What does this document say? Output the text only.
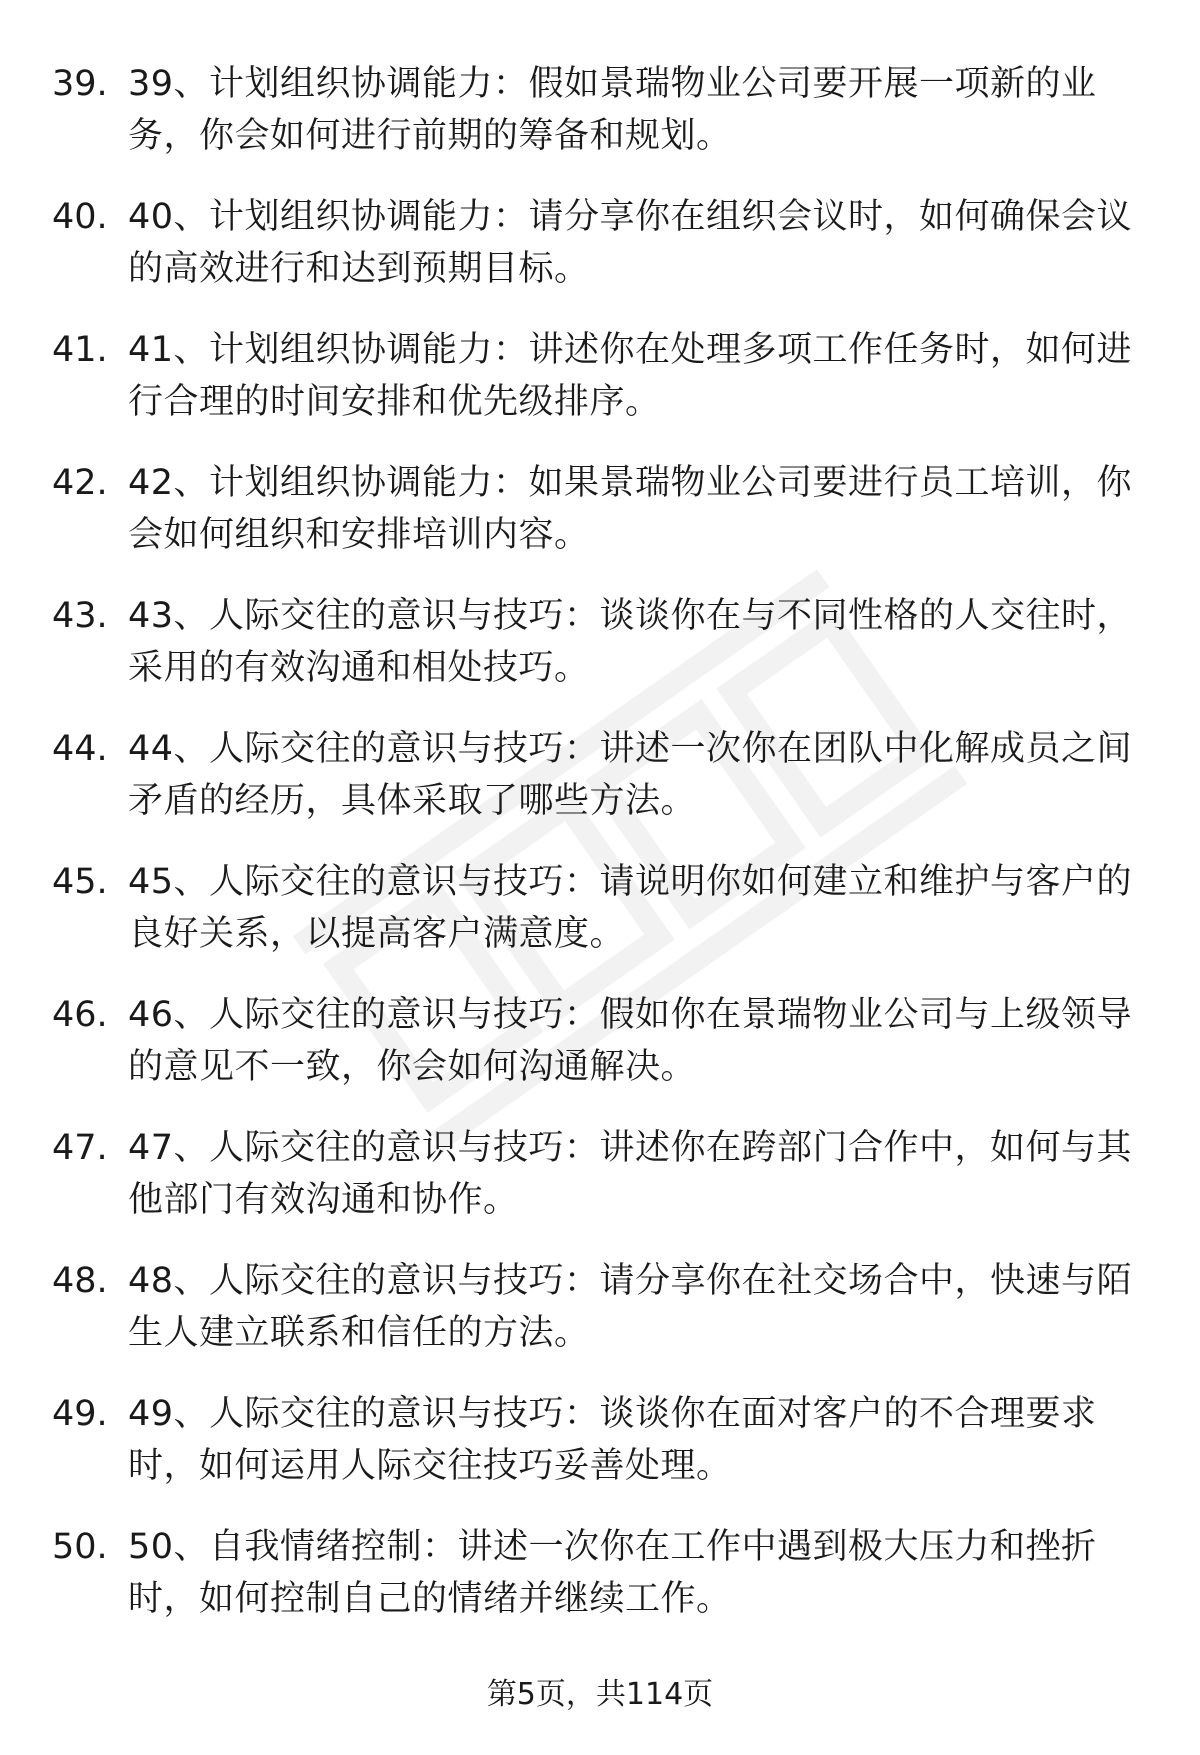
39. 39、计划组织协调能力：假如景瑞物业公司要开展一项新的业务，你会如何进行前期的筹备和规划。
40. 40、计划组织协调能力：请分享你在组织会议时，如何确保会议的高效进行和达到预期目标。
41. 41、计划组织协调能力：讲述你在处理多项工作任务时，如何进行合理的时间安排和优先级排序。
42. 42、计划组织协调能力：如果景瑞物业公司要进行员工培训，你会如何组织和安排培训内容。
43. 43、人际交往的意识与技巧：谈谈你在与不同性格的人交往时，采用的有效沟通和相处技巧。
44. 44、人际交往的意识与技巧：讲述一次你在团队中化解成员之间矛盾的经历，具体采取了哪些方法。
45. 45、人际交往的意识与技巧：请说明你如何建立和维护与客户的良好关系，以提高客户满意度。
46. 46、人际交往的意识与技巧：假如你在景瑞物业公司与上级领导的意见不一致，你会如何沟通解决。
47. 47、人际交往的意识与技巧：讲述你在跨部门合作中，如何与其他部门有效沟通和协作。
48. 48、人际交往的意识与技巧：请分享你在社交场合中，快速与陌生人建立联系和信任的方法。
49. 49、人际交往的意识与技巧：谈谈你在面对客户的不合理要求时，如何运用人际交往技巧妥善处理。
50. 50、自我情绪控制：讲述一次你在工作中遇到极大压力和挫折时，如何控制自己的情绪并继续工作。
第5页，共114页
